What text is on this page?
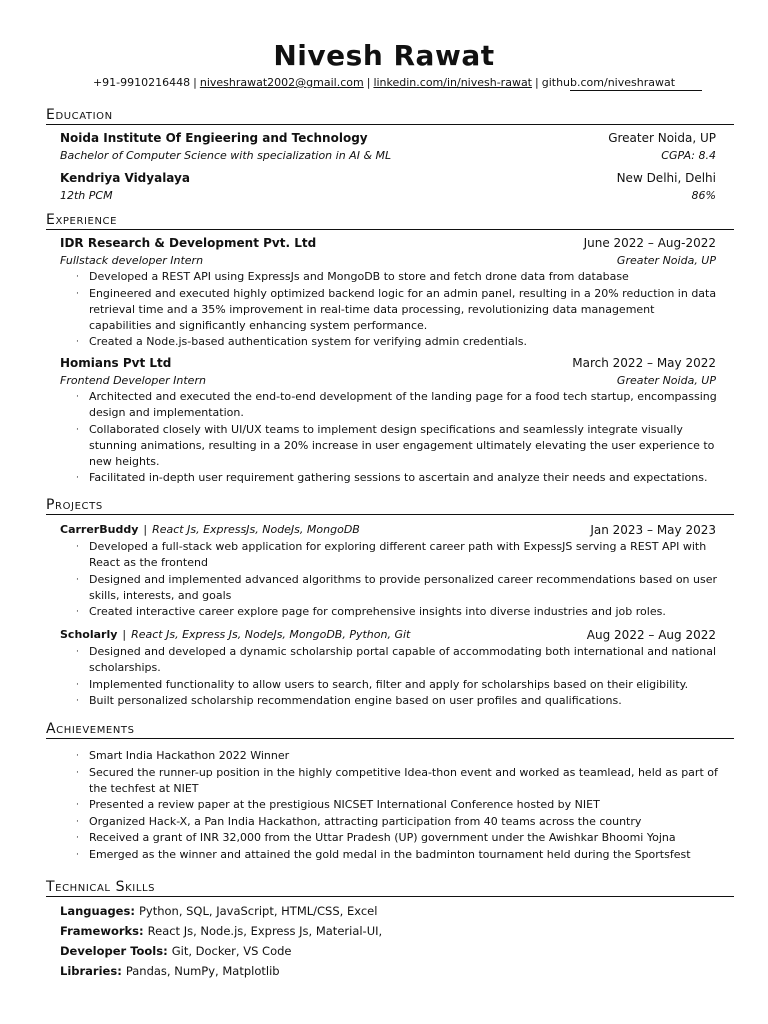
Nivesh Rawat
+91-9910216448 | niveshrawat2002@gmail.com | linkedin.com/in/nivesh-rawat | github.com/niveshrawat
Education
Noida Institute Of Engieering and Technology	Greater Noida, UP
Bachelor of Computer Science with specialization in AI & ML	CGPA: 8.4
Kendriya Vidyalaya	New Delhi, Delhi
12th PCM	86%
Experience
IDR Research & Development Pvt. Ltd	June 2022 – Aug-2022
Fullstack developer Intern	Greater Noida, UP
· Developed a REST API using ExpressJs and MongoDB to store and fetch drone data from database
· Engineered and executed highly optimized backend logic for an admin panel, resulting in a 20% reduction in data retrieval time and a 35% improvement in real-time data processing, revolutionizing data management capabilities and significantly enhancing system performance.
· Created a Node.js-based authentication system for verifying admin credentials.
Homians Pvt Ltd	March 2022 – May 2022
Frontend Developer Intern	Greater Noida, UP
· Architected and executed the end-to-end development of the landing page for a food tech startup, encompassing design and implementation.
· Collaborated closely with UI/UX teams to implement design specifications and seamlessly integrate visually stunning animations, resulting in a 20% increase in user engagement ultimately elevating the user experience to new heights.
· Facilitated in-depth user requirement gathering sessions to ascertain and analyze their needs and expectations.
Projects
CarrerBuddy | React Js, ExpressJs, NodeJs, MongoDB	Jan 2023 – May 2023
· Developed a full-stack web application for exploring different career path with ExpessJS serving a REST API with React as the frontend
· Designed and implemented advanced algorithms to provide personalized career recommendations based on user skills, interests, and goals
· Created interactive career explore page for comprehensive insights into diverse industries and job roles.
Scholarly | React Js, Express Js, NodeJs, MongoDB, Python, Git	Aug 2022 – Aug 2022
· Designed and developed a dynamic scholarship portal capable of accommodating both international and national scholarships.
· Implemented functionality to allow users to search, filter and apply for scholarships based on their eligibility.
· Built personalized scholarship recommendation engine based on user profiles and qualifications.
Achievements
· Smart India Hackathon 2022 Winner
· Secured the runner-up position in the highly competitive Idea-thon event and worked as teamlead, held as part of the techfest at NIET
· Presented a review paper at the prestigious NICSET International Conference hosted by NIET
· Organized Hack-X, a Pan India Hackathon, attracting participation from 40 teams across the country
· Received a grant of INR 32,000 from the Uttar Pradesh (UP) government under the Awishkar Bhoomi Yojna
· Emerged as the winner and attained the gold medal in the badminton tournament held during the Sportsfest
Technical Skills
Languages: Python, SQL, JavaScript, HTML/CSS, Excel
Frameworks: React Js, Node.js, Express Js, Material-UI,
Developer Tools: Git, Docker, VS Code
Libraries: Pandas, NumPy, Matplotlib
